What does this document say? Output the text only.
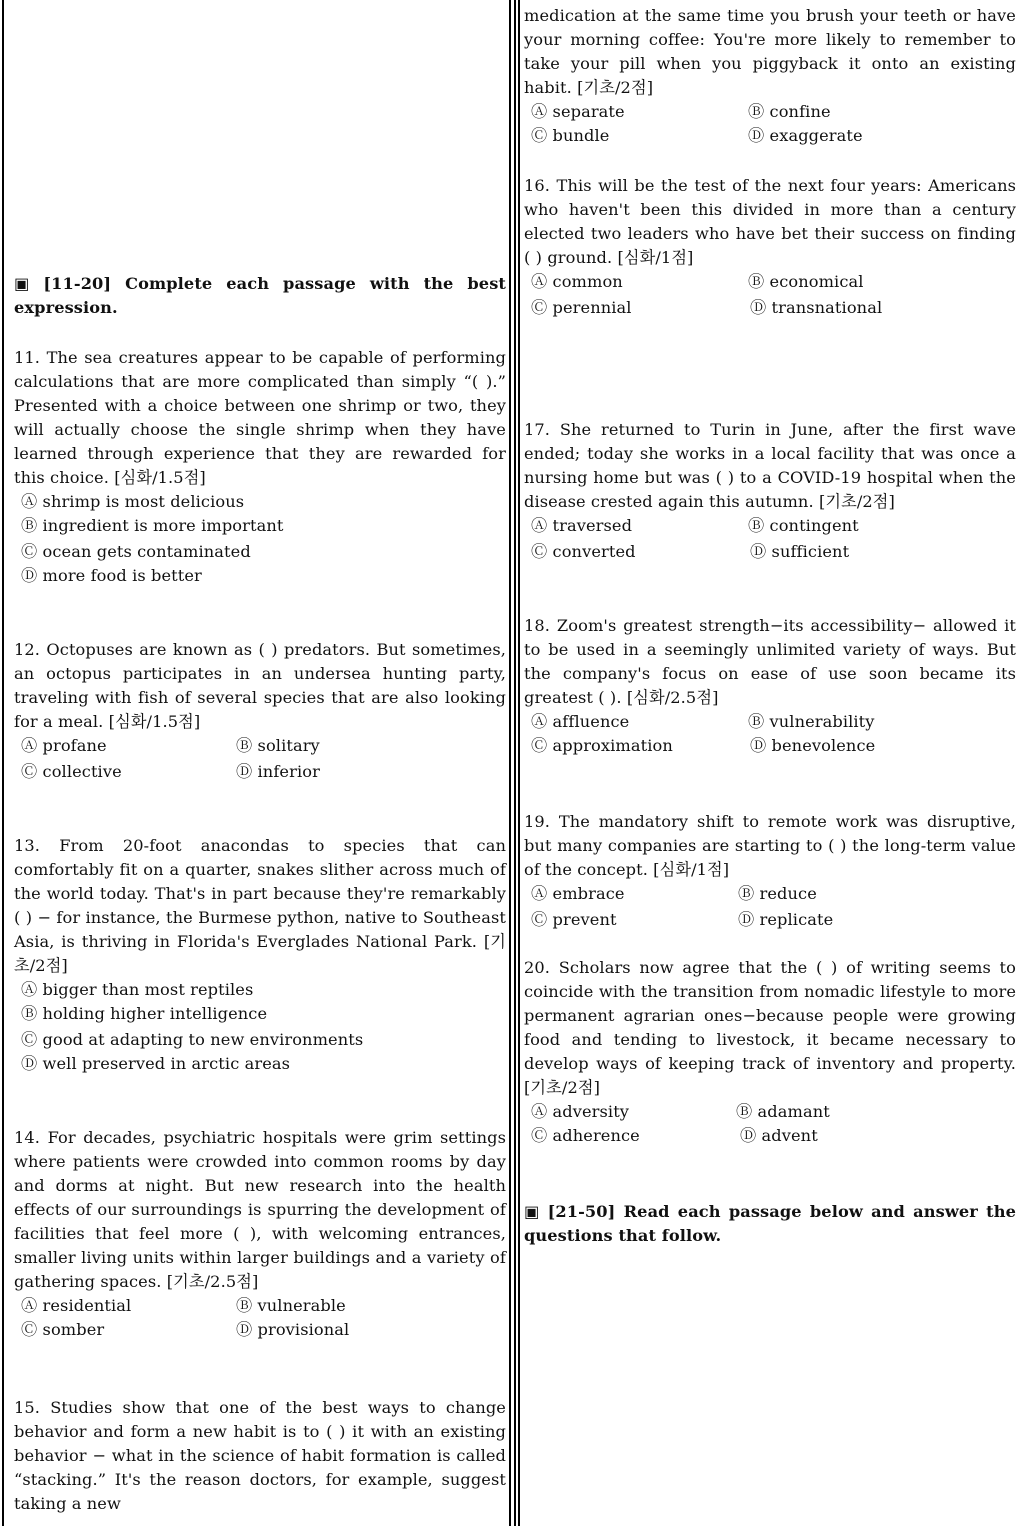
▣ [11-20] Complete each passage with the best expression.

11. The sea creatures appear to be capable of performing calculations that are more complicated than simply “( ).” Presented with a choice between one shrimp or two, they will actually choose the single shrimp when they have learned through experience that they are rewarded for this choice. [심화/1.5점]

Ⓐ shrimp is most delicious
Ⓑ ingredient is more important
Ⓒ ocean gets contaminated
Ⓓ more food is better

12. Octopuses are known as ( ) predators. But sometimes, an octopus participates in an undersea hunting party, traveling with fish of several species that are also looking for a meal. [심화/1.5점]

Ⓐ profane	Ⓑ solitary
Ⓒ collective	Ⓓ inferior

13. From 20-foot anacondas to species that can comfortably fit on a quarter, snakes slither across much of the world today. That's in part because they're remarkably ( ) − for instance, the Burmese python, native to Southeast Asia, is thriving in Florida's Everglades National Park. [기초/2점]

Ⓐ bigger than most reptiles
Ⓑ holding higher intelligence
Ⓒ good at adapting to new environments
Ⓓ well preserved in arctic areas

14. For decades, psychiatric hospitals were grim settings where patients were crowded into common rooms by day and dorms at night. But new research into the health effects of our surroundings is spurring the development of facilities that feel more ( ), with welcoming entrances, smaller living units within larger buildings and a variety of gathering spaces. [기초/2.5점]

Ⓐ residential	Ⓑ vulnerable
Ⓒ somber	Ⓓ provisional

15. Studies show that one of the best ways to change behavior and form a new habit is to ( ) it with an existing behavior − what in the science of habit formation is called “stacking.” It's the reason doctors, for example, suggest taking a new

medication at the same time you brush your teeth or have your morning coffee: You're more likely to remember to take your pill when you piggyback it onto an existing habit. [기초/2점]

Ⓐ separate	Ⓑ confine
Ⓒ bundle	Ⓓ exaggerate

16. This will be the test of the next four years: Americans who haven't been this divided in more than a century elected two leaders who have bet their success on finding ( ) ground. [심화/1점]

Ⓐ common	Ⓑ economical
Ⓒ perennial	Ⓓ transnational

17. She returned to Turin in June, after the first wave ended; today she works in a local facility that was once a nursing home but was ( ) to a COVID-19 hospital when the disease crested again this autumn. [기초/2점]

Ⓐ traversed	Ⓑ contingent
Ⓒ converted	Ⓓ sufficient

18. Zoom's greatest strength−its accessibility− allowed it to be used in a seemingly unlimited variety of ways. But the company's focus on ease of use soon became its greatest ( ). [심화/2.5점]

Ⓐ affluence	Ⓑ vulnerability
Ⓒ approximation	Ⓓ benevolence

19. The mandatory shift to remote work was disruptive, but many companies are starting to ( ) the long-term value of the concept. [심화/1점]

Ⓐ embrace	Ⓑ reduce
Ⓒ prevent	Ⓓ replicate

20. Scholars now agree that the ( ) of writing seems to coincide with the transition from nomadic lifestyle to more permanent agrarian ones−because people were growing food and tending to livestock, it became necessary to develop ways of keeping track of inventory and property. [기초/2점]

Ⓐ adversity	Ⓑ adamant
Ⓒ adherence	Ⓓ advent
▣ [21-50] Read each passage below and answer the questions that follow.
